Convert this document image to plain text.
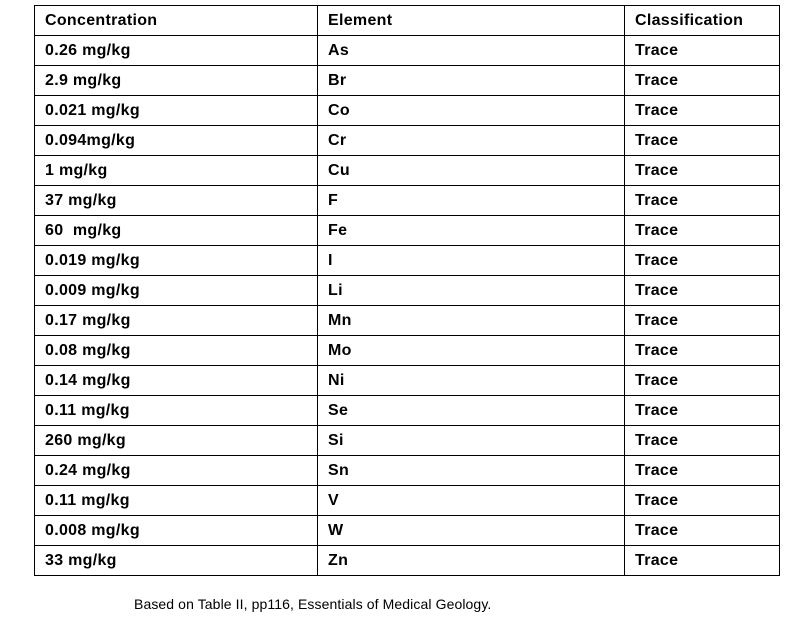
Concentration	Element	Classification
0.26 mg/kg	As	Trace
2.9 mg/kg	Br	Trace
0.021 mg/kg	Co	Trace
0.094mg/kg	Cr	Trace
1 mg/kg	Cu	Trace
37 mg/kg	F	Trace
60  mg/kg	Fe	Trace
0.019 mg/kg	I	Trace
0.009 mg/kg	Li	Trace
0.17 mg/kg	Mn	Trace
0.08 mg/kg	Mo	Trace
0.14 mg/kg	Ni	Trace
0.11 mg/kg	Se	Trace
260 mg/kg	Si	Trace
0.24 mg/kg	Sn	Trace
0.11 mg/kg	V	Trace
0.008 mg/kg	W	Trace
33 mg/kg	Zn	Trace
Based on Table II, pp116, Essentials of Medical Geology.
